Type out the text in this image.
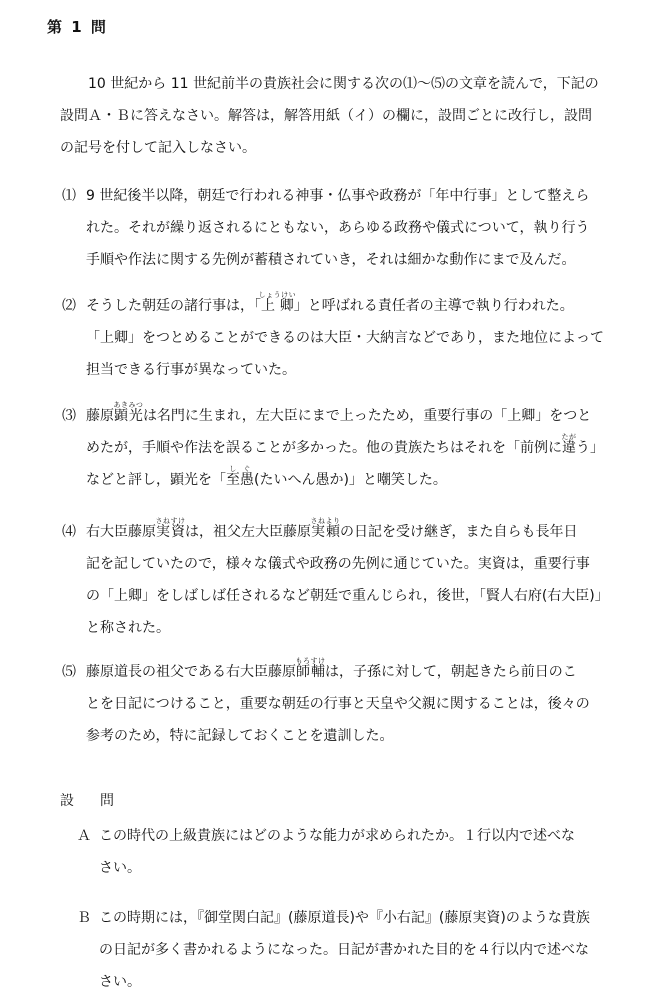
第 1 問
10 世紀から 11 世紀前半の貴族社会に関する次の⑴〜⑸の文章を読んで，下記の
設問Ａ・Ｂに答えなさい。解答は，解答用紙（イ）の欄に，設問ごとに改行し，設問
の記号を付して記入しなさい。
⑴ 9 世紀後半以降，朝廷で行われる神事・仏事や政務が「年中行事」として整えら
れた。それが繰り返されるにともない，あらゆる政務や儀式について，執り行う
手順や作法に関する先例が蓄積されていき，それは細かな動作にまで及んだ。
⑵ そうした朝廷の諸行事は，「上卿しょうけい」と呼ばれる責任者の主導で執り行われた。
「上卿」をつとめることができるのは大臣・大納言などであり，また地位によって
担当できる行事が異なっていた。
⑶ 藤原顕光あきみつは名門に生まれ，左大臣にまで上ったため，重要行事の「上卿」をつと
めたが，手順や作法を誤ることが多かった。他の貴族たちはそれを「前例に違たがう」
などと評し，顕光を「至し愚ぐ(たいへん愚か)」と嘲笑した。
⑷ 右大臣藤原実資さねすけは，祖父左大臣藤原実頼さねよりの日記を受け継ぎ，また自らも長年日
記を記していたので，様々な儀式や政務の先例に通じていた。実資は，重要行事
の「上卿」をしばしば任されるなど朝廷で重んじられ，後世，「賢人右府(右大臣)」
と称された。
⑸ 藤原道長の祖父である右大臣藤原師輔もろすけは，子孫に対して，朝起きたら前日のこ
とを日記につけること，重要な朝廷の行事と天皇や父親に関することは，後々の
参考のため，特に記録しておくことを遺訓した。
設　問
Ａ この時代の上級貴族にはどのような能力が求められたか。１行以内で述べな
さい。
Ｂ この時期には，『御堂関白記』(藤原道長)や『小右記』(藤原実資)のような貴族
の日記が多く書かれるようになった。日記が書かれた目的を４行以内で述べな
さい。
